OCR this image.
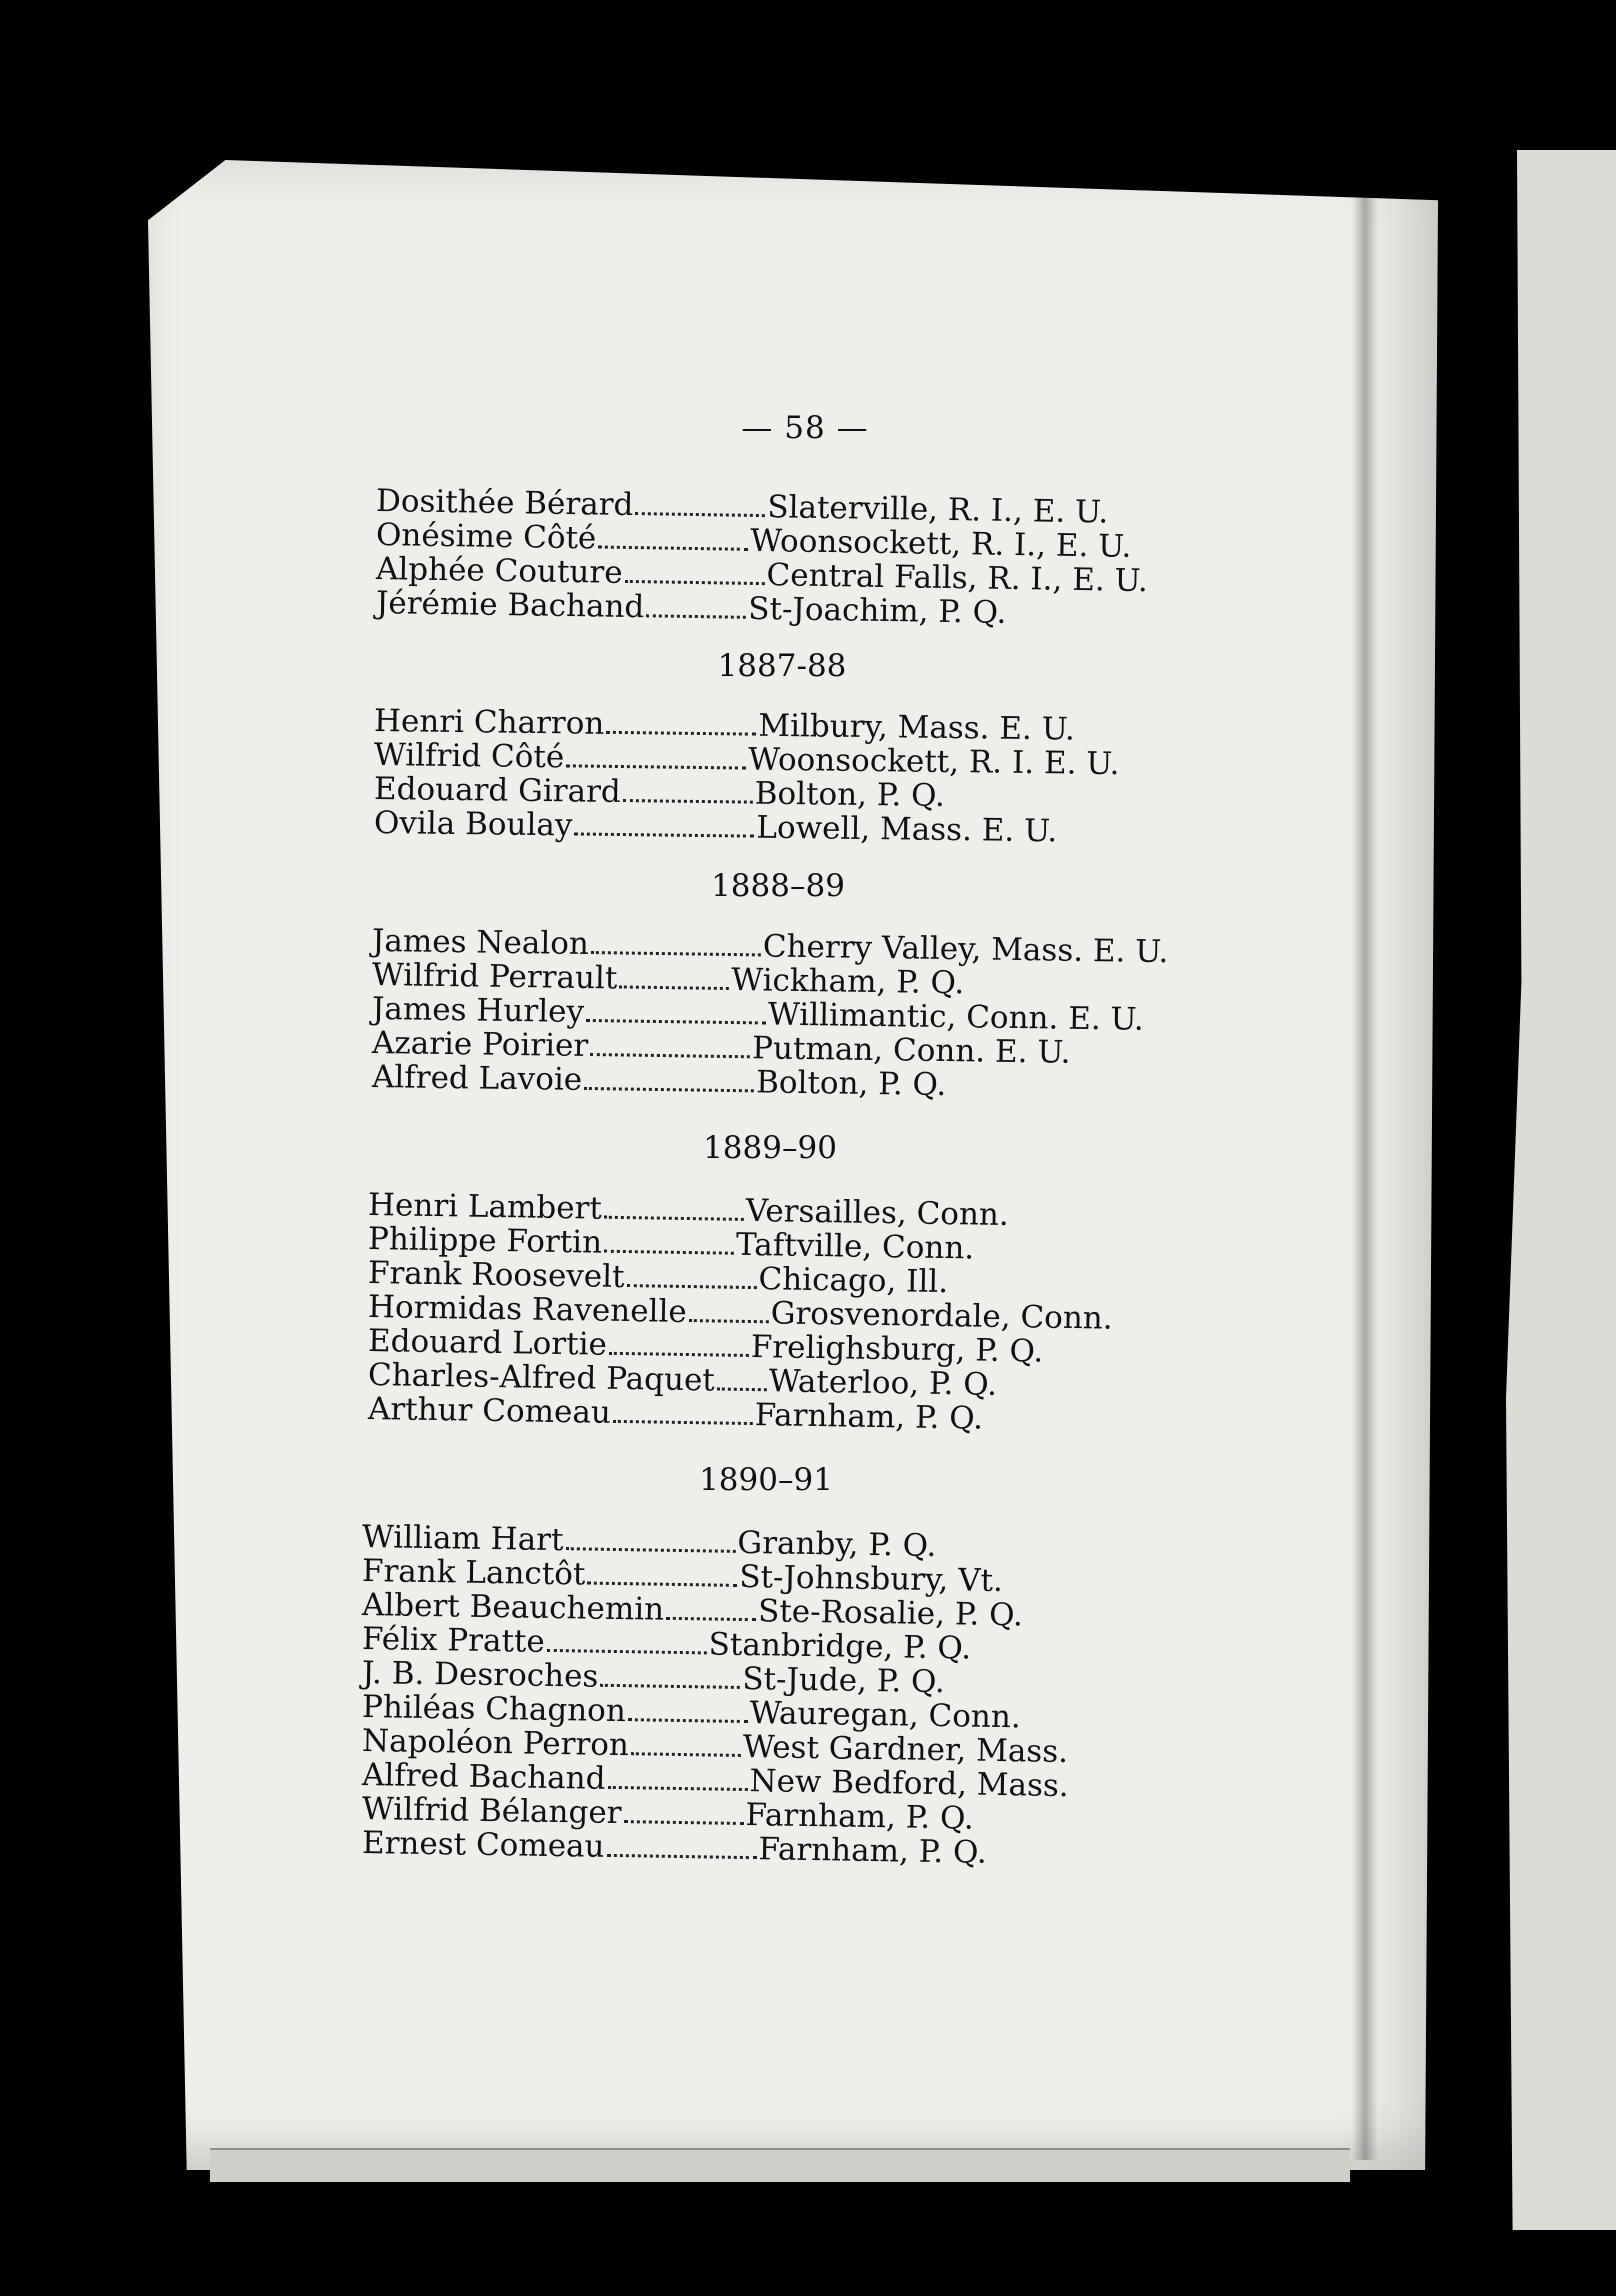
— 58 —
Dosithée Bérard	Slaterville, R. I., E. U.
Onésime Côté	Woonsockett, R. I., E. U.
Alphée Couture	Central Falls, R. I., E. U.
Jérémie Bachand	St-Joachim, P. Q.
1887-88
Henri Charron	Milbury, Mass. E. U.
Wilfrid Côté	Woonsockett, R. I. E. U.
Edouard Girard	Bolton, P. Q.
Ovila Boulay	Lowell, Mass. E. U.
1888–89
James Nealon	Cherry Valley, Mass. E. U.
Wilfrid Perrault	Wickham, P. Q.
James Hurley	Willimantic, Conn. E. U.
Azarie Poirier	Putman, Conn. E. U.
Alfred Lavoie	Bolton, P. Q.
1889–90
Henri Lambert	Versailles, Conn.
Philippe Fortin	Taftville, Conn.
Frank Roosevelt	Chicago, Ill.
Hormidas Ravenelle	Grosvenordale, Conn.
Edouard Lortie	Frelighsburg, P. Q.
Charles-Alfred Paquet Waterloo, P. Q.
Arthur Comeau	Farnham, P. Q.
1890–91
William Hart	Granby, P. Q.
Frank Lanctôt	St-Johnsbury, Vt.
Albert Beauchemin	Ste-Rosalie, P. Q.
Félix Pratte	Stanbridge, P. Q.
J. B. Desroches	St-Jude, P. Q.
Philéas Chagnon	Wauregan, Conn.
Napoléon Perron	West Gardner, Mass.
Alfred Bachand	New Bedford, Mass.
Wilfrid Bélanger	Farnham, P. Q.
Ernest Comeau	Farnham, P. Q.
